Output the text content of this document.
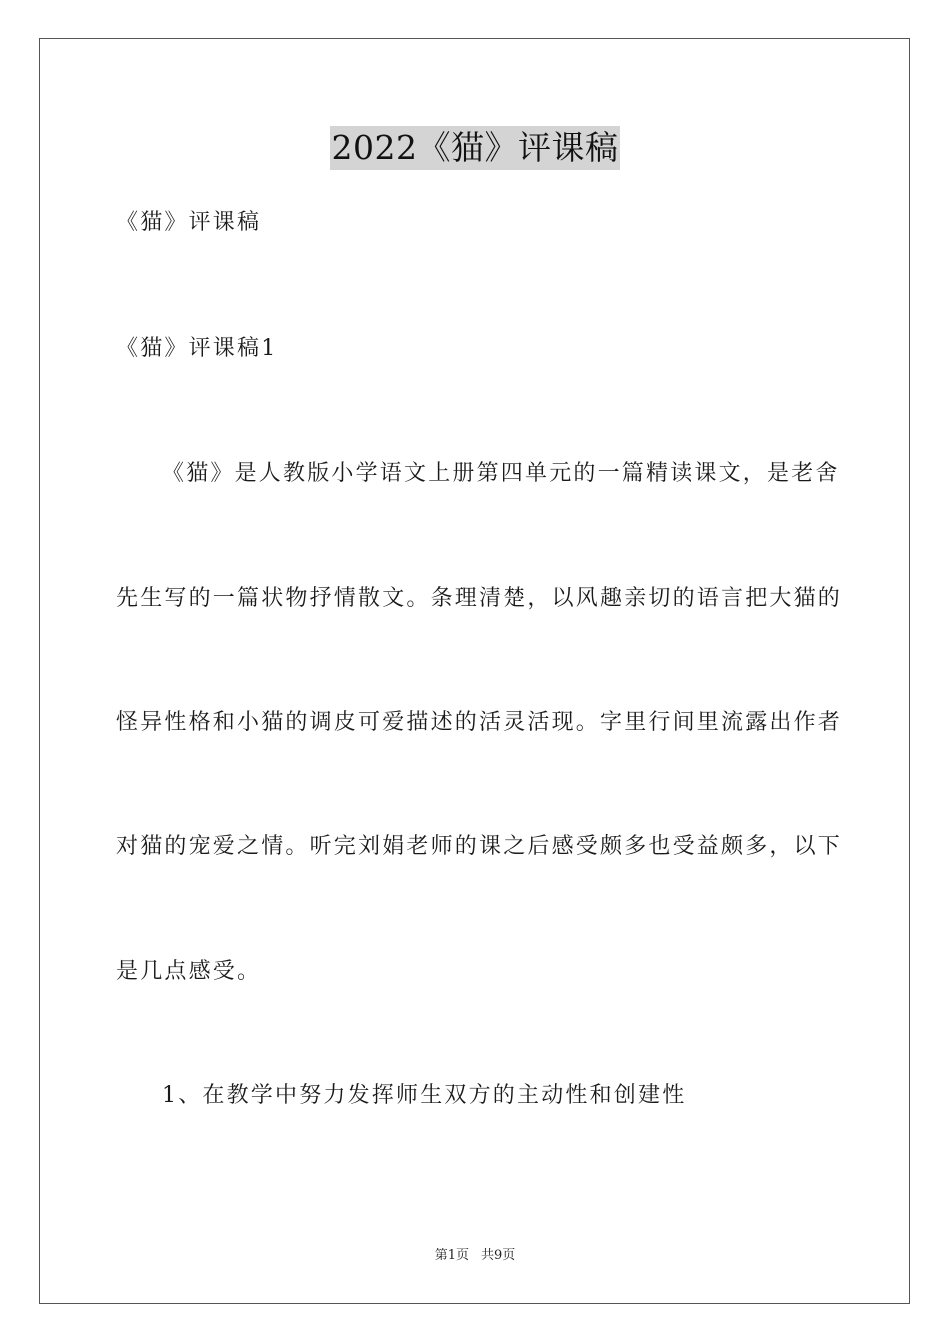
2022《猫》评课稿
《猫》评课稿
《猫》评课稿1
《猫》是人教版小学语文上册第四单元的一篇精读课文，是老舍
先生写的一篇状物抒情散文。条理清楚，以风趣亲切的语言把大猫的
怪异性格和小猫的调皮可爱描述的活灵活现。字里行间里流露出作者
对猫的宠爱之情。听完刘娟老师的课之后感受颇多也受益颇多，以下
是几点感受。
1、在教学中努力发挥师生双方的主动性和创建性
第1页 共9页
